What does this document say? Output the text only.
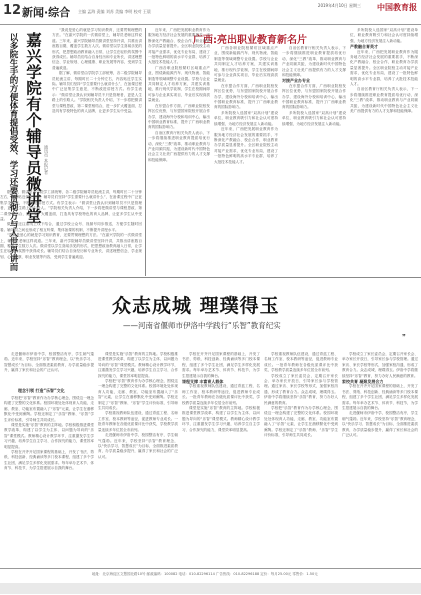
12 新闻·综合 主编 孟海 责编 刘苏 美编 李明 校对 王晨
2019年4月10日 星期三 中国教育报
以多院生手的方便体育提倡受效、学习还要贯彻方与人世界讲而 嘉兴学院有个辅导员微讲堂 通讯员 本报记者

“我说是爱心的就是学习知识教育，还要贯彻理想的方法。”在嘉兴学院的一次微讲堂上，辅导员老师这样说道。三年来，嘉兴学院辅导员微讲堂坚持开讲，共推出讲座数百期，覆盖学生数万人次。微讲堂以学生喜闻乐见的形式，把思想政治教育融入日常，让学生在轻松的氛围中获得成长。辅导员们结合自身经历和专业所长，讲述理想信念、学业规划、心理健康、职业发展等内容，受到学生普遍欢迎。

据了解，微讲堂由学院学工部统筹，各二级学院辅导员轮流主讲，每期时长二十分钟左右，内容贴近学生实际。辅导员们坚持“学生需要什么就讲什么”，在备课过程中广泛征集学生意见，不断改进讲授方式。有学生表示：“微讲堂让我认识到辅导员不只是管理者，更是人生路上的引路人。”学院相关负责人介绍，下一步将把微讲堂与课程思政、第二课堂相结合，进一步扩大覆盖面，打造具有学校特色的育人品牌，让更多学生从中受益。

据了解，微讲堂由学院学工部统筹，各二级学院辅导员轮流主讲，每期时长二十分钟左右，内容贴近学生实际。辅导员们坚持“学生需要什么就讲什么”，在备课过程中广泛征集学生意见，不断改进讲授方式。有学生表示：“微讲堂让我认识到辅导员不只是管理者，更是人生路上的引路人。”学院相关负责人介绍，下一步将把微讲堂与课程思政、第二课堂相结合，进一步扩大覆盖面，打造具有学校特色的育人品牌，让更多学生从中受益。

微讲堂还注重线上线下结合，通过学校公众号、视频号同步推送，方便学生随时回看。辅导员之间也形成了相互听课、集体备课的机制，不断提升讲授水平。

“我说是爱心的就是学习知识教育，还要贯彻理想的方法。”在嘉兴学院的一次微讲堂上，辅导员老师这样说道。三年来，嘉兴学院辅导员微讲堂坚持开讲，共推出讲座数百期，覆盖学生数万人次。微讲堂以学生喜闻乐见的形式，把思想政治教育融入日常，让学生在轻松的氛围中获得成长。辅导员们结合自身经历和专业所长，讲述理想信念、学业规划、心理健康、职业发展等内容，受到学生普遍欢迎。

广西:亮出职业教育新名片

近年来，广西把发展职业教育作为服务地方经济社会发展的重要抓手，不断深化产教融合、校企合作，职业教育办学质量显著提升。全区职业院校主动对接产业需求，优化专业布局，建设了一批特色鲜明的高水平专业群，培养了大批技术技能人才。

广西各职业院校紧盯区域重点产业，围绕新能源汽车、现代物流、智能制造等领域调整专业设置。学校与企业共同制定人才培养方案，共建实训基地，推行现代学徒制，学生在校期间即可参与企业真实项目，毕业后实现高质量就业。

在东盟合作方面，广西职业院校发挥区位优势，与东盟国家院校开展合作办学，建设海外分校和培训中心，输出中国职业教育标准，提升了广西职业教育的国际影响力。

自治区教育厅相关负责人表示，下一步将继续推进职业教育提质培优行动，深化“三教”改革，推动职业教育与产业同频共振，为建设新时代中国特色社会主义壮美广西提供有力的人才支撑和技能保障。

广西各职业院校紧盯区域重点产业，围绕新能源汽车、现代物流、智能制造等领域调整专业设置。学校与企业共同制定人才培养方案，共建实训基地，推行现代学徒制，学生在校期间即可参与企业真实项目，毕业后实现高质量就业。

在东盟合作方面，广西职业院校发挥区位优势，与东盟国家院校开展合作办学，建设海外分校和培训中心，输出中国职业教育标准，提升了广西职业教育的国际影响力。

多所院校入选国家“双高计划”建设单位，职业教育吸引力和社会认可度持续增强，为地方经济发展注入新动能。

近年来，广西把发展职业教育作为服务地方经济社会发展的重要抓手，不断深化产教融合、校企合作，职业教育办学质量显著提升。全区职业院校主动对接产业需求，优化专业布局，建设了一批特色鲜明的高水平专业群，培养了大批技术技能人才。

自治区教育厅相关负责人表示，下一步将继续推进职业教育提质培优行动，深化“三教”改革，推动职业教育与产业同频共振，为建设新时代中国特色社会主义壮美广西提供有力的人才支撑和技能保障。

对接产业办专业

在东盟合作方面，广西职业院校发挥区位优势，与东盟国家院校开展合作办学，建设海外分校和培训中心，输出中国职业教育标准，提升了广西职业教育的国际影响力。

多所院校入选国家“双高计划”建设单位，职业教育吸引力和社会认可度持续增强，为地方经济发展注入新动能。

多所院校入选国家“双高计划”建设单位，职业教育吸引力和社会认可度持续增强，为地方经济发展注入新动能。

产教融合育英才

近年来，广西把发展职业教育作为服务地方经济社会发展的重要抓手，不断深化产教融合、校企合作，职业教育办学质量显著提升。全区职业院校主动对接产业需求，优化专业布局，建设了一批特色鲜明的高水平专业群，培养了大批技术技能人才。

自治区教育厅相关负责人表示，下一步将继续推进职业教育提质培优行动，深化“三教”改革，推动职业教育与产业同频共振，为建设新时代中国特色社会主义壮美广西提供有力的人才支撑和技能保障。

众志成城 理璞得玉
——河南省偃师市伊洛中学践行“乐智”教育纪实
❞

走进偃师市伊洛中学，校园整洁有序，学生朝气蓬勃。近年来，学校坚持“乐智”教育理念，以“快乐学习、智慧成长”为目标，全面推进素质教育，办学质量稳步提升，赢得了家长和社会的广泛认可。

理念引领 打造“乐智”文化

学校把“乐智”教育作为办学核心理念，围绕这一理念构建了完整的文化体系。校园环境处处体现育人功能，走廊、教室、功能室布置融入了“乐智”元素，让学生在潜移默化中受到熏陶。学校还制定了“乐智”教师、“乐智”学生评价标准，引导师生共同成长。

课堂是实施“乐智”教育的主阵地。学校积极推进课堂教学改革，构建了以学生为主体、以问题为导向的“乐智”课堂模式。教师精心设计教学环节，注重激发学生学习兴趣，培养学生自主学习、合作探究的能力，课堂效率明显提高。

学校在开齐开足国家课程的基础上，开发了书法、剪纸、科技创新、经典诵读等多门校本课程，组建了多个学生社团，满足学生多样化发展需求。每年举办艺术节、体育节、科技节，为学生搭建展示自我的舞台。

课堂是实施“乐智”教育的主阵地。学校积极推进课堂教学改革，构建了以学生为主体、以问题为导向的“乐智”课堂模式。教师精心设计教学环节，注重激发学生学习兴趣，培养学生自主学习、合作探究的能力，课堂效率明显提高。

学校把“乐智”教育作为办学核心理念，围绕这一理念构建了完整的文化体系。校园环境处处体现育人功能，走廊、教室、功能室布置融入了“乐智”元素，让学生在潜移默化中受到熏陶。学校还制定了“乐智”教师、“乐智”学生评价标准，引导师生共同成长。

学校重视教师队伍建设，通过青蓝工程、名师工作室、校本教研等途径，促进教师专业成长。一批青年教师在各级优质课评比中获奖，学校教学质量连续多年位居全市前列。

走进偃师市伊洛中学，校园整洁有序，学生朝气蓬勃。近年来，学校坚持“乐智”教育理念，以“快乐学习、智慧成长”为目标，全面推进素质教育，办学质量稳步提升，赢得了家长和社会的广泛认可。

学校在开齐开足国家课程的基础上，开发了书法、剪纸、科技创新、经典诵读等多门校本课程，组建了多个学生社团，满足学生多样化发展需求。每年举办艺术节、体育节、科技节，为学生搭建展示自我的舞台。

课程支撑 丰富育人载体

学校重视教师队伍建设，通过青蓝工程、名师工作室、校本教研等途径，促进教师专业成长。一批青年教师在各级优质课评比中获奖，学校教学质量连续多年位居全市前列。

课堂是实施“乐智”教育的主阵地。学校积极推进课堂教学改革，构建了以学生为主体、以问题为导向的“乐智”课堂模式。教师精心设计教学环节，注重激发学生学习兴趣，培养学生自主学习、合作探究的能力，课堂效率明显提高。

学校重视教师队伍建设，通过青蓝工程、名师工作室、校本教研等途径，促进教师专业成长。一批青年教师在各级优质课评比中获奖，学校教学质量连续多年位居全市前列。

学校成立了家长委员会，定期召开家长会、举办家长开放日，引导家长参与学校管理。通过家访、家长学校等形式，加强家校沟通，形成了教育合力。众志成城，理璞得玉。伊洛中学将继续坚持“乐智”教育，努力办好人民满意的教育。

学校把“乐智”教育作为办学核心理念，围绕这一理念构建了完整的文化体系。校园环境处处体现育人功能，走廊、教室、功能室布置融入了“乐智”元素，让学生在潜移默化中受到熏陶。学校还制定了“乐智”教师、“乐智”学生评价标准，引导师生共同成长。

学校成立了家长委员会，定期召开家长会、举办家长开放日，引导家长参与学校管理。通过家访、家长学校等形式，加强家校沟通，形成了教育合力。众志成城，理璞得玉。伊洛中学将继续坚持“乐智”教育，努力办好人民满意的教育。

家校共育 凝聚发展合力

学校在开齐开足国家课程的基础上，开发了书法、剪纸、科技创新、经典诵读等多门校本课程，组建了多个学生社团，满足学生多样化发展需求。每年举办艺术节、体育节、科技节，为学生搭建展示自我的舞台。

走进偃师市伊洛中学，校园整洁有序，学生朝气蓬勃。近年来，学校坚持“乐智”教育理念，以“快乐学习、智慧成长”为目标，全面推进素质教育，办学质量稳步提升，赢得了家长和社会的广泛认可。

地址：北京海淀区文慧园北路10号 邮政编码：100082 电话：010-82296114 广告热线：010-82296188 定价：每月25.00元 零售价：1.50元
